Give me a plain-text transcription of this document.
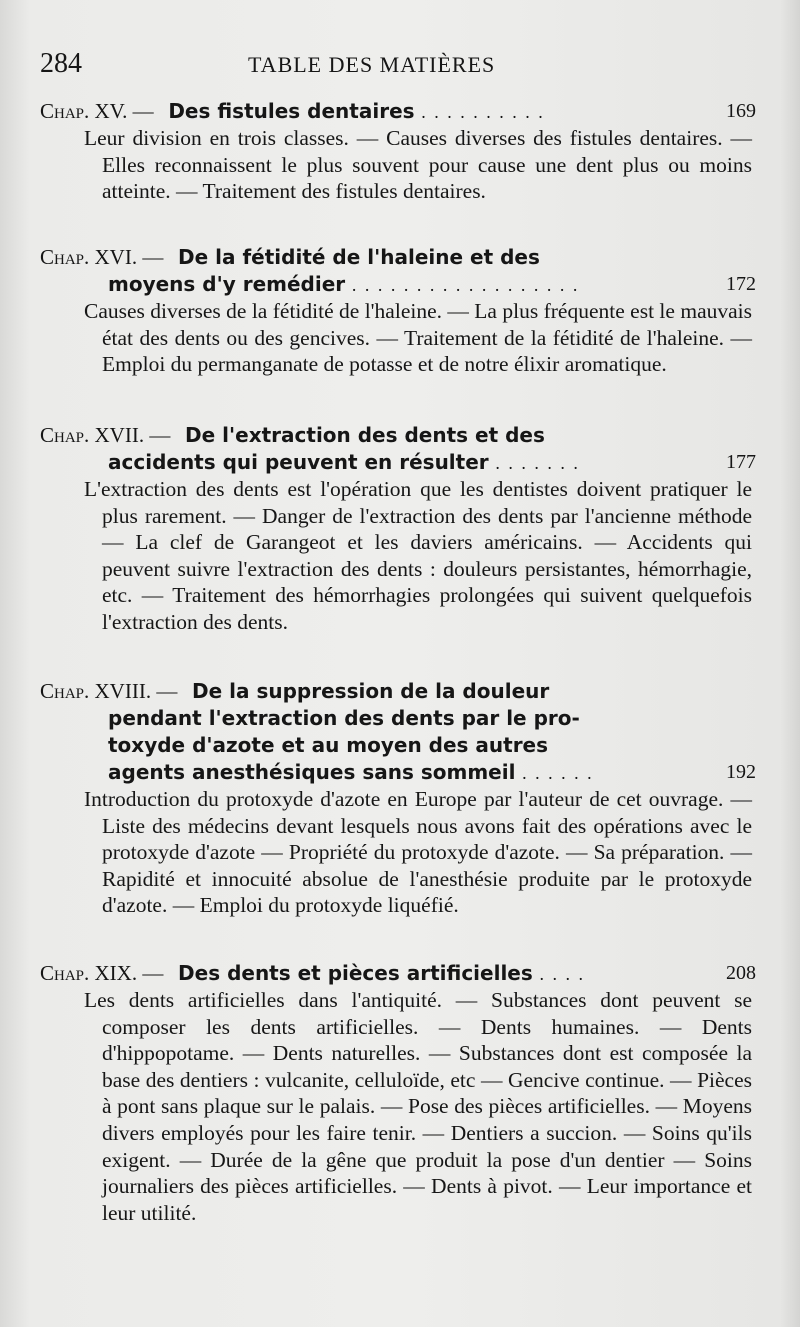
284	TABLE DES MATIÈRES
Chap. XV. — Des fistules dentaires . . . . . . . . . .	169
Leur division en trois classes. — Causes diverses des fistules dentaires. — Elles reconnaissent le plus souvent pour cause une dent plus ou moins atteinte. — Traitement des fistules dentaires.
Chap. XVI. — De la fétidité de l'haleine et des
moyens d'y remédier . . . . . . . . . . . . . . . . . .	172
Causes diverses de la fétidité de l'haleine. — La plus fréquente est le mauvais état des dents ou des gencives. — Traitement de la fétidité de l'haleine. — Emploi du permanganate de potasse et de notre élixir aromatique.
Chap. XVII. — De l'extraction des dents et des
accidents qui peuvent en résulter . . . . . . .	177
L'extraction des dents est l'opération que les dentistes doivent pratiquer le plus rarement. — Danger de l'extraction des dents par l'ancienne méthode — La clef de Garangeot et les daviers américains. — Accidents qui peuvent suivre l'extraction des dents : douleurs persistantes, hémorrhagie, etc. — Traitement des hémorrhagies prolongées qui suivent quelquefois l'extraction des dents.
Chap. XVIII. — De la suppression de la douleur
pendant l'extraction des dents par le pro-
toxyde d'azote et au moyen des autres
agents anesthésiques sans sommeil . . . . . .	192
Introduction du protoxyde d'azote en Europe par l'auteur de cet ouvrage. — Liste des médecins devant lesquels nous avons fait des opérations avec le protoxyde d'azote — Propriété du protoxyde d'azote. — Sa préparation. — Rapidité et innocuité absolue de l'anesthésie produite par le protoxyde d'azote. — Emploi du protoxyde liquéfié.
Chap. XIX. — Des dents et pièces artificielles . . . .	208
Les dents artificielles dans l'antiquité. — Substances dont peuvent se composer les dents artificielles. — Dents humaines. — Dents d'hippopotame. — Dents naturelles. — Substances dont est composée la base des dentiers : vulcanite, celluloïde, etc — Gencive continue. — Pièces à pont sans plaque sur le palais. — Pose des pièces artificielles. — Moyens divers employés pour les faire tenir. — Dentiers a succion. — Soins qu'ils exigent. — Durée de la gêne que produit la pose d'un dentier — Soins journaliers des pièces artificielles. — Dents à pivot. — Leur importance et leur utilité.
